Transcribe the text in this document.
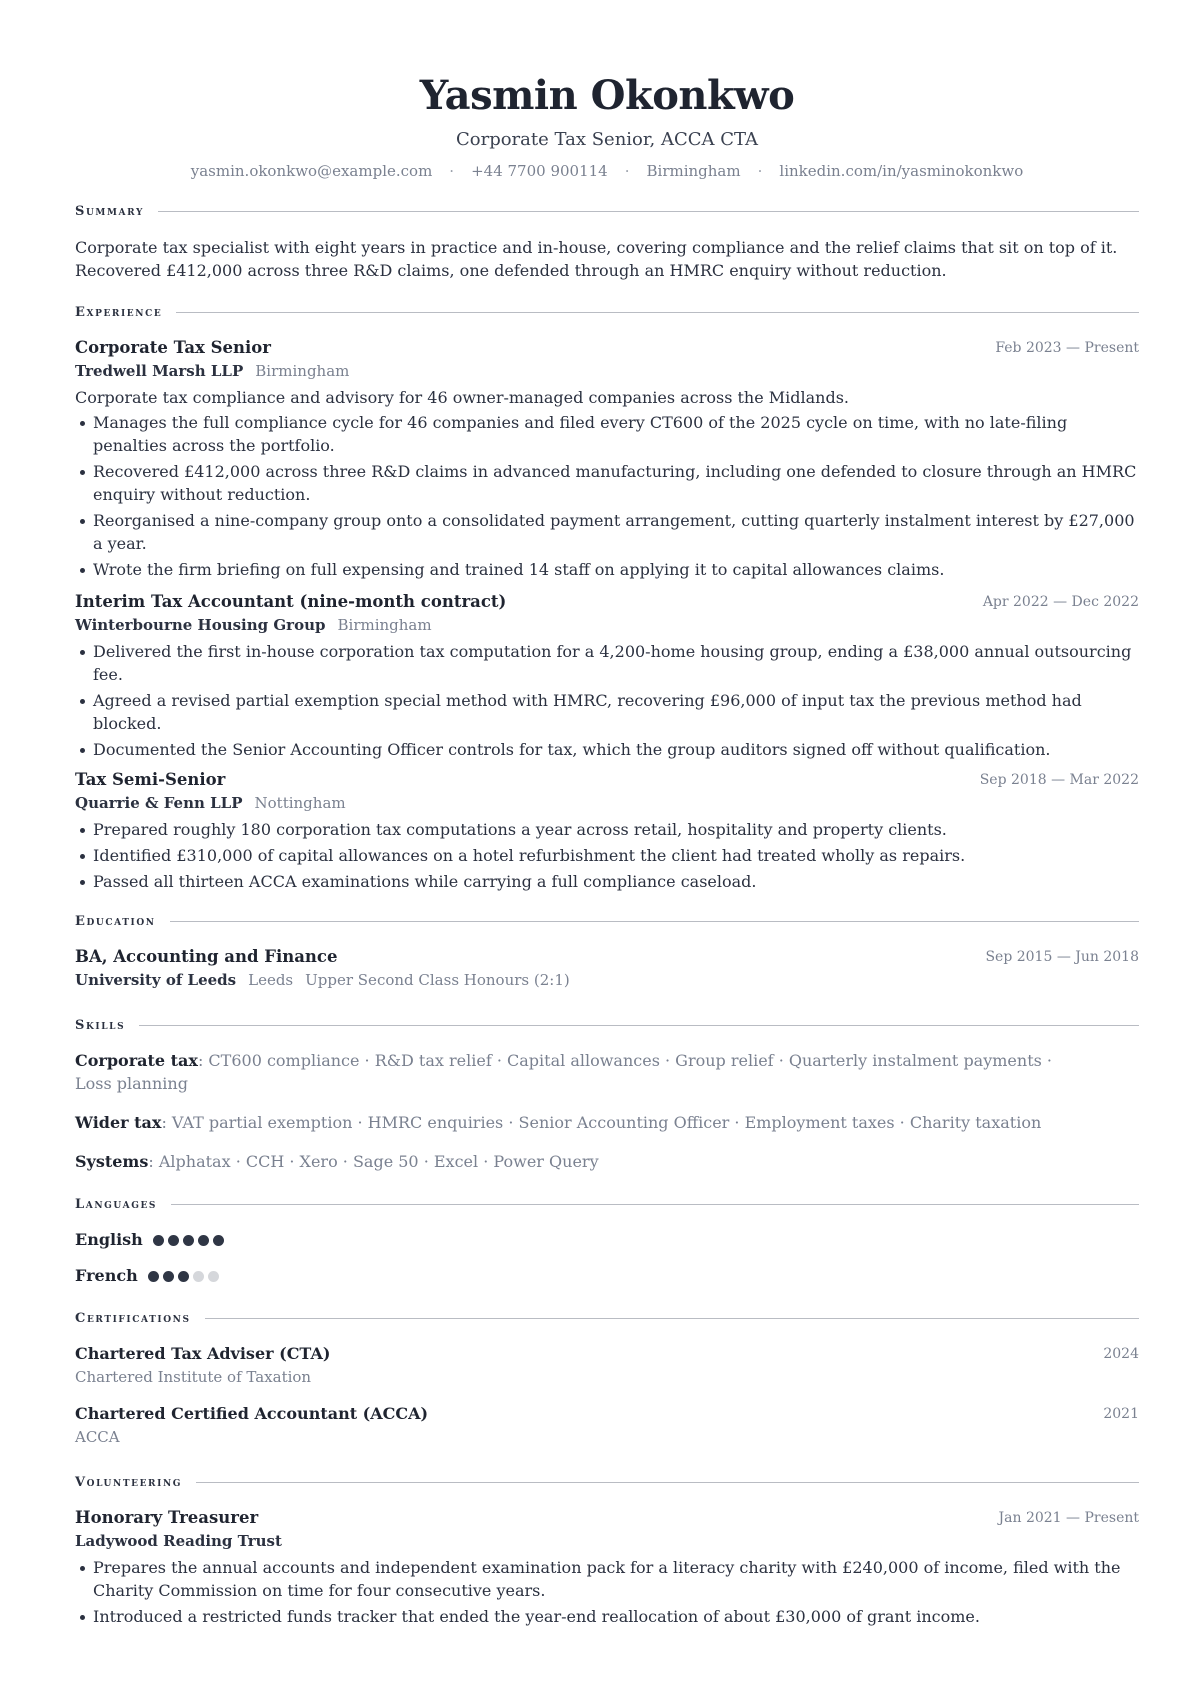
Yasmin Okonkwo
Corporate Tax Senior, ACCA CTA
yasmin.okonkwo@example.com · +44 7700 900114 · Birmingham · linkedin.com/in/yasminokonkwo
Summary
Corporate tax specialist with eight years in practice and in-house, covering compliance and the relief claims that sit on top of it.
Recovered £412,000 across three R&D claims, one defended through an HMRC enquiry without reduction.
Experience
Corporate Tax Senior	Feb 2023 — Present
Tredwell Marsh LLP Birmingham
Corporate tax compliance and advisory for 46 owner-managed companies across the Midlands.
Manages the full compliance cycle for 46 companies and filed every CT600 of the 2025 cycle on time, with no late-filing penalties across the portfolio.
Recovered £412,000 across three R&D claims in advanced manufacturing, including one defended to closure through an HMRC enquiry without reduction.
Reorganised a nine-company group onto a consolidated payment arrangement, cutting quarterly instalment interest by £27,000 a year.
Wrote the firm briefing on full expensing and trained 14 staff on applying it to capital allowances claims.
Interim Tax Accountant (nine-month contract)	Apr 2022 — Dec 2022
Winterbourne Housing Group Birmingham
Delivered the first in-house corporation tax computation for a 4,200-home housing group, ending a £38,000 annual outsourcing fee.
Agreed a revised partial exemption special method with HMRC, recovering £96,000 of input tax the previous method had blocked.
Documented the Senior Accounting Officer controls for tax, which the group auditors signed off without qualification.
Tax Semi-Senior	Sep 2018 — Mar 2022
Quarrie & Fenn LLP Nottingham
Prepared roughly 180 corporation tax computations a year across retail, hospitality and property clients.
Identified £310,000 of capital allowances on a hotel refurbishment the client had treated wholly as repairs.
Passed all thirteen ACCA examinations while carrying a full compliance caseload.
Education
BA, Accounting and Finance	Sep 2015 — Jun 2018
University of Leeds Leeds Upper Second Class Honours (2:1)
Skills
Corporate tax: CT600 compliance · R&D tax relief · Capital allowances · Group relief · Quarterly instalment payments ·
Loss planning
Wider tax: VAT partial exemption · HMRC enquiries · Senior Accounting Officer · Employment taxes · Charity taxation
Systems: Alphatax · CCH · Xero · Sage 50 · Excel · Power Query
Languages
English
French
Certifications
Chartered Tax Adviser (CTA)	2024
Chartered Institute of Taxation
Chartered Certified Accountant (ACCA)	2021
ACCA
Volunteering
Honorary Treasurer	Jan 2021 — Present
Ladywood Reading Trust
Prepares the annual accounts and independent examination pack for a literacy charity with £240,000 of income, filed with the Charity Commission on time for four consecutive years.
Introduced a restricted funds tracker that ended the year-end reallocation of about £30,000 of grant income.
